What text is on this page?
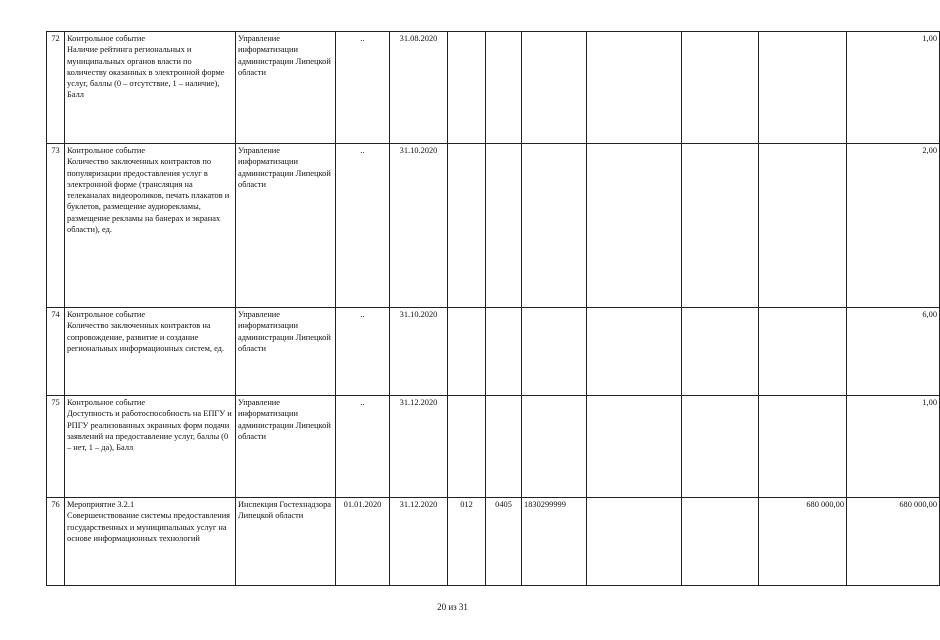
72	Контрольное событие
Наличие рейтинга региональных и муниципальных органов власти по количеству оказанных в электронной форме услуг, баллы (0 – отсутствие, 1 – наличие), Балл	Управление информатизации администрации Липецкой области	..	31.08.2020							1,00
73	Контрольное событие
Количество заключенных контрактов по популяризации предоставления услуг в электронной форме (трансляция на телеканалах видеороликов, печать плакатов и буклетов, размещение аудиорекламы, размещение рекламы на банерах и экранах области), ед.	Управление информатизации администрации Липецкой области	..	31.10.2020							2,00
74	Контрольное событие
Количество заключенных контрактов на сопровождение, развитие и создание региональных информационных систем, ед.	Управление информатизации администрации Липецкой области	..	31.10.2020							6,00
75	Контрольное событие
Доступность и работоспособность на ЕПГУ и РПГУ реализованных экранных форм подачи заявлений на предоставление услуг, баллы (0 – нет, 1 – да), Балл	Управление информатизации администрации Липецкой области	..	31.12.2020							1,00
76	Мероприятие 3.2.1
Совершенствование системы предоставления государственных и муниципальных услуг на основе информационных технологий	Инспекция Гостехнадзора Липецкой области	01.01.2020	31.12.2020	012	0405	1830299999			680 000,00	680 000,00
20 из 31
